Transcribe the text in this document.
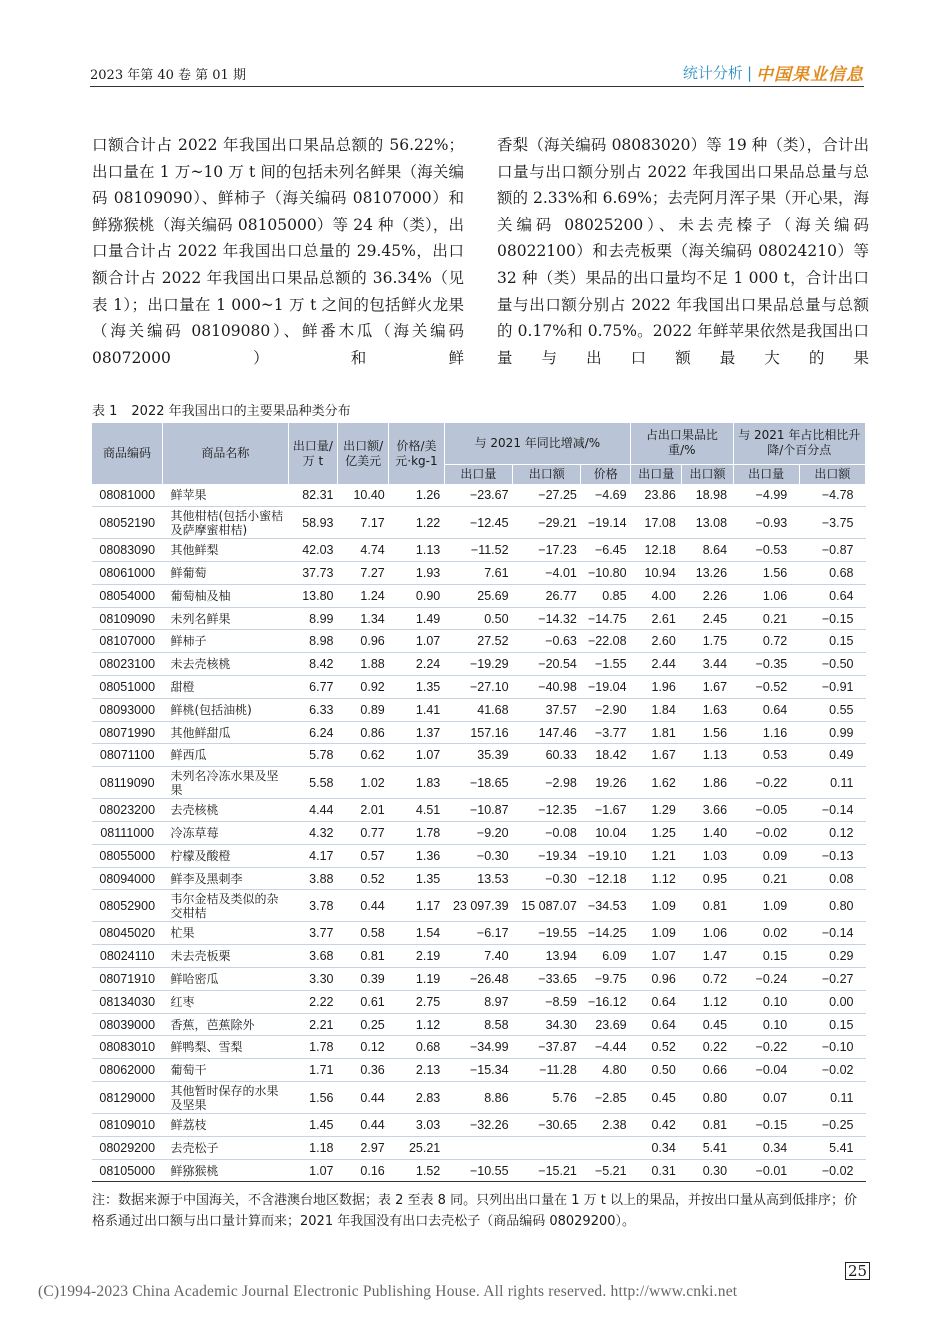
2023 年第 40 卷 第 01 期	统计分析 | 中国果业信息

口额合计占 2022 年我国出口果品总额的 56.22%；出口量在 1 万~10 万 t 间的包括未列名鲜果（海关编码 08109090）、鲜柿子（海关编码 08107000）和鲜猕猴桃（海关编码 08105000）等 24 种（类），出口量合计占 2022 年我国出口总量的 29.45%，出口额合计占 2022 年我国出口果品总额的 36.34%（见表 1）；出口量在 1 000~1 万 t 之间的包括鲜火龙果（海关编码 08109080）、鲜番木瓜（海关编码 08072000）和鲜

香梨（海关编码 08083020）等 19 种（类），合计出口量与出口额分别占 2022 年我国出口果品总量与总额的 2.33%和 6.69%；去壳阿月浑子果（开心果，海关编码 08025200）、未去壳榛子（海关编码 08022100）和去壳板栗（海关编码 08024210）等 32 种（类）果品的出口量均不足 1 000 t，合计出口量与出口额分别占 2022 年我国出口果品总量与总额的 0.17%和 0.75%。2022 年鲜苹果依然是我国出口量与出口额最大的果

表 1 2022 年我国出口的主要果品种类分布
商品编码	商品名称	出口量/万 t	出口额/亿美元	价格/美元·kg-1	与 2021 年同比增减/%			占出口果品比重/%		与 2021 年占比相比升降/个百分点	
					出口量	出口额	价格	出口量	出口额	出口量	出口额
08081000	鲜苹果	82.31	10.40	1.26	−23.67	−27.25	−4.69	23.86	18.98	−4.99	−4.78
08052190	其他柑桔(包括小蜜桔及萨摩蜜柑桔)	58.93	7.17	1.22	−12.45	−29.21	−19.14	17.08	13.08	−0.93	−3.75
08083090	其他鲜梨	42.03	4.74	1.13	−11.52	−17.23	−6.45	12.18	8.64	−0.53	−0.87
08061000	鲜葡萄	37.73	7.27	1.93	7.61	−4.01	−10.80	10.94	13.26	1.56	0.68
08054000	葡萄柚及柚	13.80	1.24	0.90	25.69	26.77	0.85	4.00	2.26	1.06	0.64
08109090	未列名鲜果	8.99	1.34	1.49	0.50	−14.32	−14.75	2.61	2.45	0.21	−0.15
08107000	鲜柿子	8.98	0.96	1.07	27.52	−0.63	−22.08	2.60	1.75	0.72	0.15
08023100	未去壳核桃	8.42	1.88	2.24	−19.29	−20.54	−1.55	2.44	3.44	−0.35	−0.50
08051000	甜橙	6.77	0.92	1.35	−27.10	−40.98	−19.04	1.96	1.67	−0.52	−0.91
08093000	鲜桃(包括油桃)	6.33	0.89	1.41	41.68	37.57	−2.90	1.84	1.63	0.64	0.55
08071990	其他鲜甜瓜	6.24	0.86	1.37	157.16	147.46	−3.77	1.81	1.56	1.16	0.99
08071100	鲜西瓜	5.78	0.62	1.07	35.39	60.33	18.42	1.67	1.13	0.53	0.49
08119090	未列名冷冻水果及坚果	5.58	1.02	1.83	−18.65	−2.98	19.26	1.62	1.86	−0.22	0.11
08023200	去壳核桃	4.44	2.01	4.51	−10.87	−12.35	−1.67	1.29	3.66	−0.05	−0.14
08111000	冷冻草莓	4.32	0.77	1.78	−9.20	−0.08	10.04	1.25	1.40	−0.02	0.12
08055000	柠檬及酸橙	4.17	0.57	1.36	−0.30	−19.34	−19.10	1.21	1.03	0.09	−0.13
08094000	鲜李及黑刺李	3.88	0.52	1.35	13.53	−0.30	−12.18	1.12	0.95	0.21	0.08
08052900	韦尔金桔及类似的杂交柑桔	3.78	0.44	1.17	23 097.39	15 087.07	−34.53	1.09	0.81	1.09	0.80
08045020	杧果	3.77	0.58	1.54	−6.17	−19.55	−14.25	1.09	1.06	0.02	−0.14
08024110	未去壳板栗	3.68	0.81	2.19	7.40	13.94	6.09	1.07	1.47	0.15	0.29
08071910	鲜哈密瓜	3.30	0.39	1.19	−26.48	−33.65	−9.75	0.96	0.72	−0.24	−0.27
08134030	红枣	2.22	0.61	2.75	8.97	−8.59	−16.12	0.64	1.12	0.10	0.00
08039000	香蕉，芭蕉除外	2.21	0.25	1.12	8.58	34.30	23.69	0.64	0.45	0.10	0.15
08083010	鲜鸭梨、雪梨	1.78	0.12	0.68	−34.99	−37.87	−4.44	0.52	0.22	−0.22	−0.10
08062000	葡萄干	1.71	0.36	2.13	−15.34	−11.28	4.80	0.50	0.66	−0.04	−0.02
08129000	其他暂时保存的水果及坚果	1.56	0.44	2.83	8.86	5.76	−2.85	0.45	0.80	0.07	0.11
08109010	鲜荔枝	1.45	0.44	3.03	−32.26	−30.65	2.38	0.42	0.81	−0.15	−0.25
08029200	去壳松子	1.18	2.97	25.21				0.34	5.41	0.34	5.41
08105000	鲜猕猴桃	1.07	0.16	1.52	−10.55	−15.21	−5.21	0.31	0.30	−0.01	−0.02
注：数据来源于中国海关，不含港澳台地区数据；表 2 至表 8 同。只列出出口量在 1 万 t 以上的果品，并按出口量从高到低排序；价格系通过出口额与出口量计算而来；2021 年我国没有出口去壳松子（商品编码 08029200）。
25
(C)1994-2023 China Academic Journal Electronic Publishing House. All rights reserved. http://www.cnki.net
